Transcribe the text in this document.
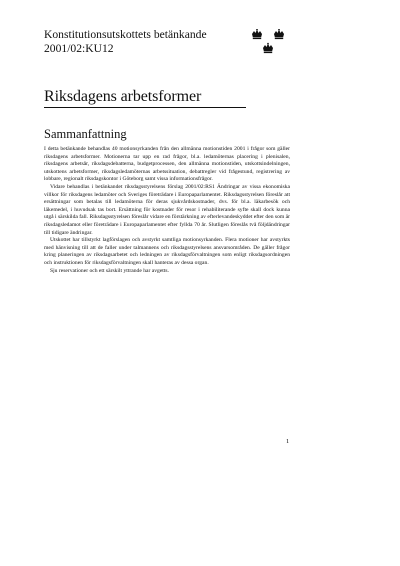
Konstitutionsutskottets betänkande
2001/02:KU12
Riksdagens arbetsformer
Sammanfattning

I detta betänkande behandlas 40 motionsyrkanden från den allmänna motionstiden 2001 i frågor som gäller riksdagens arbetsformer. Motionerna tar upp en rad frågor, bl.a. ledamöternas placering i plenisalen, riksdagens arbetsår, riksdagsdebatterna, budgetprocessen, den allmänna motionstiden, utskottsindelningen, utskottens arbetsformer, riksdagsledamöternas arbetssituation, debattregler vid frågestund, registrering av lobbare, regionalt riksdagskontor i Göteborg samt vissa informationsfrågor.

Vidare behandlas i betänkandet riksdagsstyrelsens förslag 2001/02:RS1 Ändringar av vissa ekonomiska villkor för riksdagens ledamöter och Sveriges företrädare i Europaparlamentet. Riksdagsstyrelsen föreslår att ersättningar som betalas till ledamöterna för deras sjukvårdskostnader, dvs. för bl.a. läkarbesök och läkemedel, i huvudsak tas bort. Ersättning för kostnader för resor i rehabiliterande syfte skall dock kunna utgå i särskilda fall. Riksdagsstyrelsen föreslår vidare en förstärkning av efterlevandeskyddet efter den som är riksdagsledamot eller företrädare i Europaparlamentet efter fyllda 70 år. Slutligen föreslås två följdändringar till tidigare ändringar.

Utskottet har tillstyrkt lagförslagen och avstyrkt samtliga motionsyrkanden. Flera motioner har avstyrkts med hänvisning till att de faller under talmannens och riksdagsstyrelsens ansvarsområden. De gäller frågor kring planeringen av riksdagsarbetet och ledningen av riksdagsförvaltningen som enligt riksdagsordningen och instruktionen för riksdagsförvaltningen skall hanteras av dessa organ.

Sju reservationer och ett särskilt yttrande har avgetts.

1
